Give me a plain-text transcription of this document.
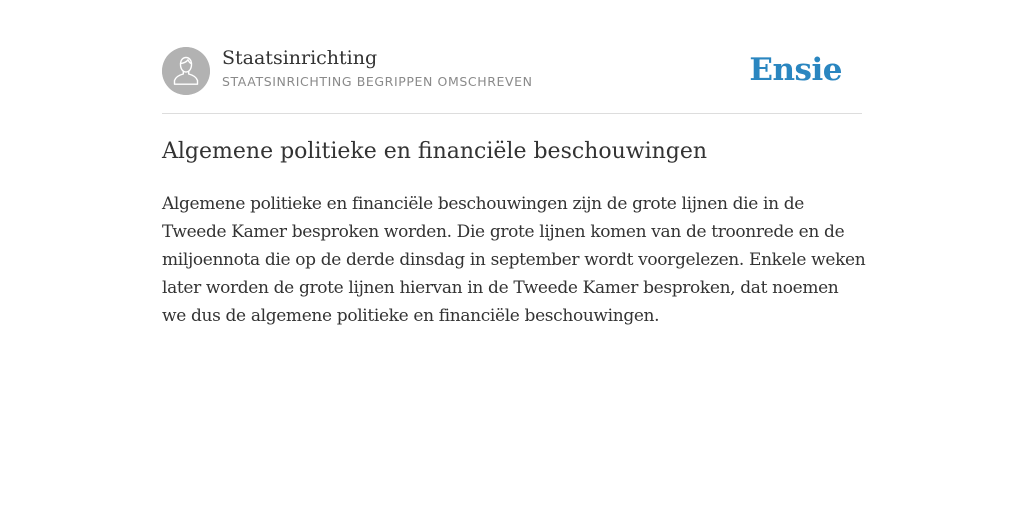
Staatsinrichting
STAATSINRICHTING BEGRIPPEN OMSCHREVEN	Ensie
Algemene politieke en financiële beschouwingen

Algemene politieke en financiële beschouwingen zijn de grote lijnen die in de Tweede Kamer besproken worden. Die grote lijnen komen van de troonrede en de miljoennota die op de derde dinsdag in september wordt voorgelezen. Enkele weken later worden de grote lijnen hiervan in de Tweede Kamer besproken, dat noemen we dus de algemene politieke en financiële beschouwingen.
